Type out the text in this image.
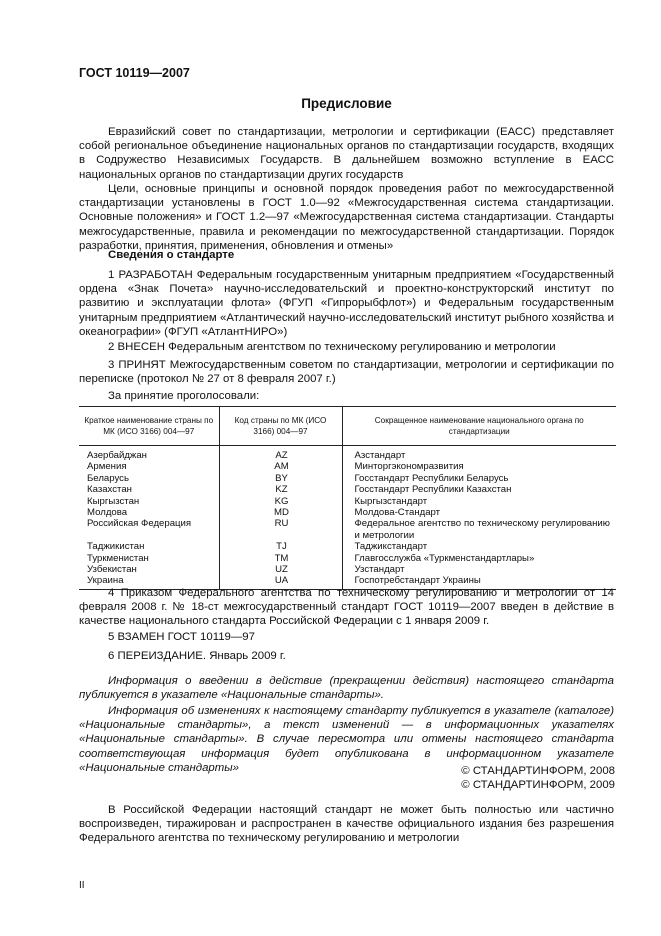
ГОСТ 10119—2007
Предисловие

Евразийский совет по стандартизации, метрологии и сертификации (ЕАСС) представляет собой региональное объединение национальных органов по стандартизации государств, входящих в Содружество Независимых Государств. В дальнейшем возможно вступление в ЕАСС национальных органов по стандартизации других государств

Цели, основные принципы и основной порядок проведения работ по межгосударственной стандартизации установлены в ГОСТ 1.0—92 «Межгосударственная система стандартизации. Основные положения» и ГОСТ 1.2—97 «Межгосударственная система стандартизации. Стандарты межгосударственные, правила и рекомендации по межгосударственной стандартизации. Порядок разработки, принятия, применения, обновления и отмены»

Сведения о стандарте

1 РАЗРАБОТАН Федеральным государственным унитарным предприятием «Государственный ордена «Знак Почета» научно-исследовательский и проектно-конструкторский институт по развитию и эксплуатации флота» (ФГУП «Гипрорыбфлот») и Федеральным государственным унитарным предприятием «Атлантический научно-исследовательский институт рыбного хозяйства и океанографии» (ФГУП «АтлантНИРО»)

2 ВНЕСЕН Федеральным агентством по техническому регулированию и метрологии

3 ПРИНЯТ Межгосударственным советом по стандартизации, метрологии и сертификации по переписке (протокол № 27 от 8 февраля 2007 г.)

За принятие проголосовали:

Краткое наименование страны по МК (ИСО 3166) 004—97	Код страны по МК (ИСО 3166) 004—97	Сокращенное наименование национального органа по стандартизации
Азербайджан	AZ	Азстандарт
Армения	AM	Минторгэкономразвития
Беларусь	BY	Госстандарт Республики Беларусь
Казахстан	KZ	Госстандарт Республики Казахстан
Кыргызстан	KG	Кыргызстандарт
Молдова	MD	Молдова-Стандарт
Российская Федерация	RU	Федеральное агентство по техническому регулированию и метрологии
Таджикистан	TJ	Таджикстандарт
Туркменистан	TM	Главгосслужба «Туркменстандартлары»
Узбекистан	UZ	Узстандарт
Украина	UA	Госпотребстандарт Украины

4 Приказом Федерального агентства по техническому регулированию и метрологии от 14 февраля 2008 г. № 18-ст межгосударственный стандарт ГОСТ 10119—2007 введен в действие в качестве национального стандарта Российской Федерации с 1 января 2009 г.

5 ВЗАМЕН ГОСТ 10119—97

6 ПЕРЕИЗДАНИЕ. Январь 2009 г.

Информация о введении в действие (прекращении действия) настоящего стандарта публикуется в указателе «Национальные стандарты».

Информация об изменениях к настоящему стандарту публикуется в указателе (каталоге) «Национальные стандарты», а текст изменений — в информационных указателях «Национальные стандарты». В случае пересмотра или отмены настоящего стандарта соответствующая информация будет опубликована в информационном указателе «Национальные стандарты»	© СТАНДАРТИНФОРМ, 2008
© СТАНДАРТИНФОРМ, 2009

В Российской Федерации настоящий стандарт не может быть полностью или частично воспроизведен, тиражирован и распространен в качестве официального издания без разрешения Федерального агентства по техническому регулированию и метрологии

II
